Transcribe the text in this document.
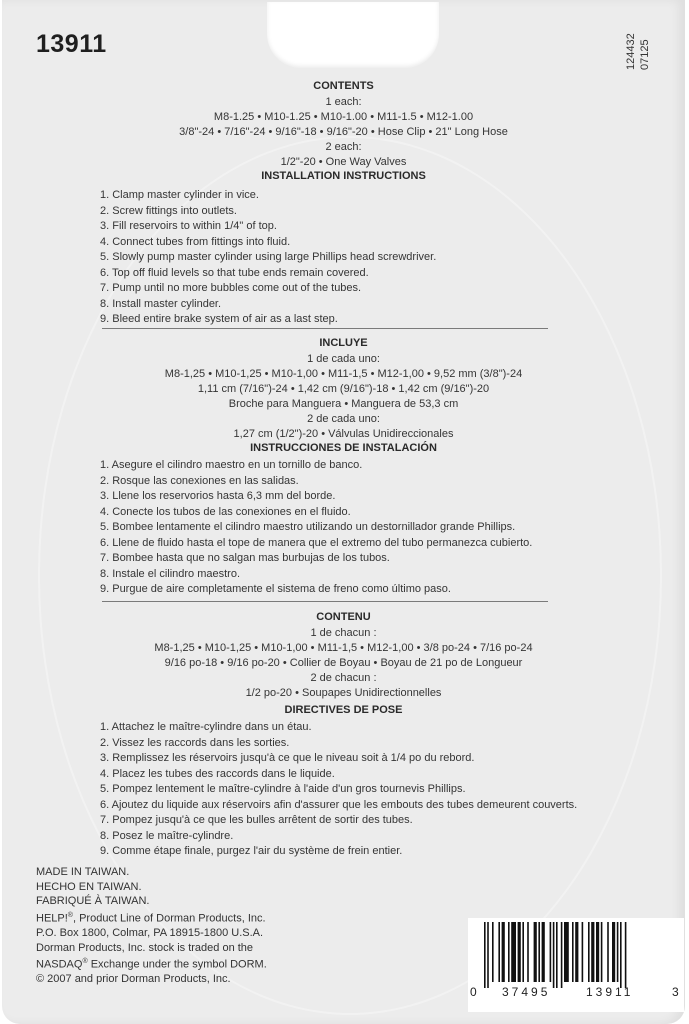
13911	124432 07125
CONTENTS
1 each:
M8-1.25 • M10-1.25 • M10-1.00 • M11-1.5 • M12-1.00
3/8"-24 • 7/16"-24 • 9/16"-18 • 9/16"-20 • Hose Clip • 21" Long Hose
2 each:
1/2"-20 • One Way Valves
INSTALLATION INSTRUCTIONS
1. Clamp master cylinder in vice.
2. Screw fittings into outlets.
3. Fill reservoirs to within 1/4" of top.
4. Connect tubes from fittings into fluid.
5. Slowly pump master cylinder using large Phillips head screwdriver.
6. Top off fluid levels so that tube ends remain covered.
7. Pump until no more bubbles come out of the tubes.
8. Install master cylinder.
9. Bleed entire brake system of air as a last step.
INCLUYE
1 de cada uno:
M8-1,25 • M10-1,25 • M10-1,00 • M11-1,5 • M12-1,00 • 9,52 mm (3/8")-24
1,11 cm (7/16")-24 • 1,42 cm (9/16")-18 • 1,42 cm (9/16")-20
Broche para Manguera • Manguera de 53,3 cm
2 de cada uno:
1,27 cm (1/2")-20 • Válvulas Unidireccionales
INSTRUCCIONES DE INSTALACIÓN
1. Asegure el cilindro maestro en un tornillo de banco.
2. Rosque las conexiones en las salidas.
3. Llene los reservorios hasta 6,3 mm del borde.
4. Conecte los tubos de las conexiones en el fluido.
5. Bombee lentamente el cilindro maestro utilizando un destornillador grande Phillips.
6. Llene de fluido hasta el tope de manera que el extremo del tubo permanezca cubierto.
7. Bombee hasta que no salgan mas burbujas de los tubos.
8. Instale el cilindro maestro.
9. Purgue de aire completamente el sistema de freno como último paso.
CONTENU
1 de chacun :
M8-1,25 • M10-1,25 • M10-1,00 • M11-1,5 • M12-1,00 • 3/8 po-24 • 7/16 po-24
9/16 po-18 • 9/16 po-20 • Collier de Boyau • Boyau de 21 po de Longueur
2 de chacun :
1/2 po-20 • Soupapes Unidirectionnelles
DIRECTIVES DE POSE
1. Attachez le maître-cylindre dans un étau.
2. Vissez les raccords dans les sorties.
3. Remplissez les réservoirs jusqu'à ce que le niveau soit à 1/4 po du rebord.
4. Placez les tubes des raccords dans le liquide.
5. Pompez lentement le maître-cylindre à l'aide d'un gros tournevis Phillips.
6. Ajoutez du liquide aux réservoirs afin d'assurer que les embouts des tubes demeurent couverts.
7. Pompez jusqu'à ce que les bulles arrêtent de sortir des tubes.
8. Posez le maître-cylindre.
9. Comme étape finale, purgez l'air du système de frein entier.
MADE IN TAIWAN.
HECHO EN TAIWAN.
FABRIQUÉ À TAIWAN.
HELP!®, Product Line of Dorman Products, Inc.
P.O. Box 1800, Colmar, PA 18915-1800 U.S.A.
Dorman Products, Inc. stock is traded on the
NASDAQ® Exchange under the symbol DORM.
© 2007 and prior Dorman Products, Inc.
0 37495	13911	3
